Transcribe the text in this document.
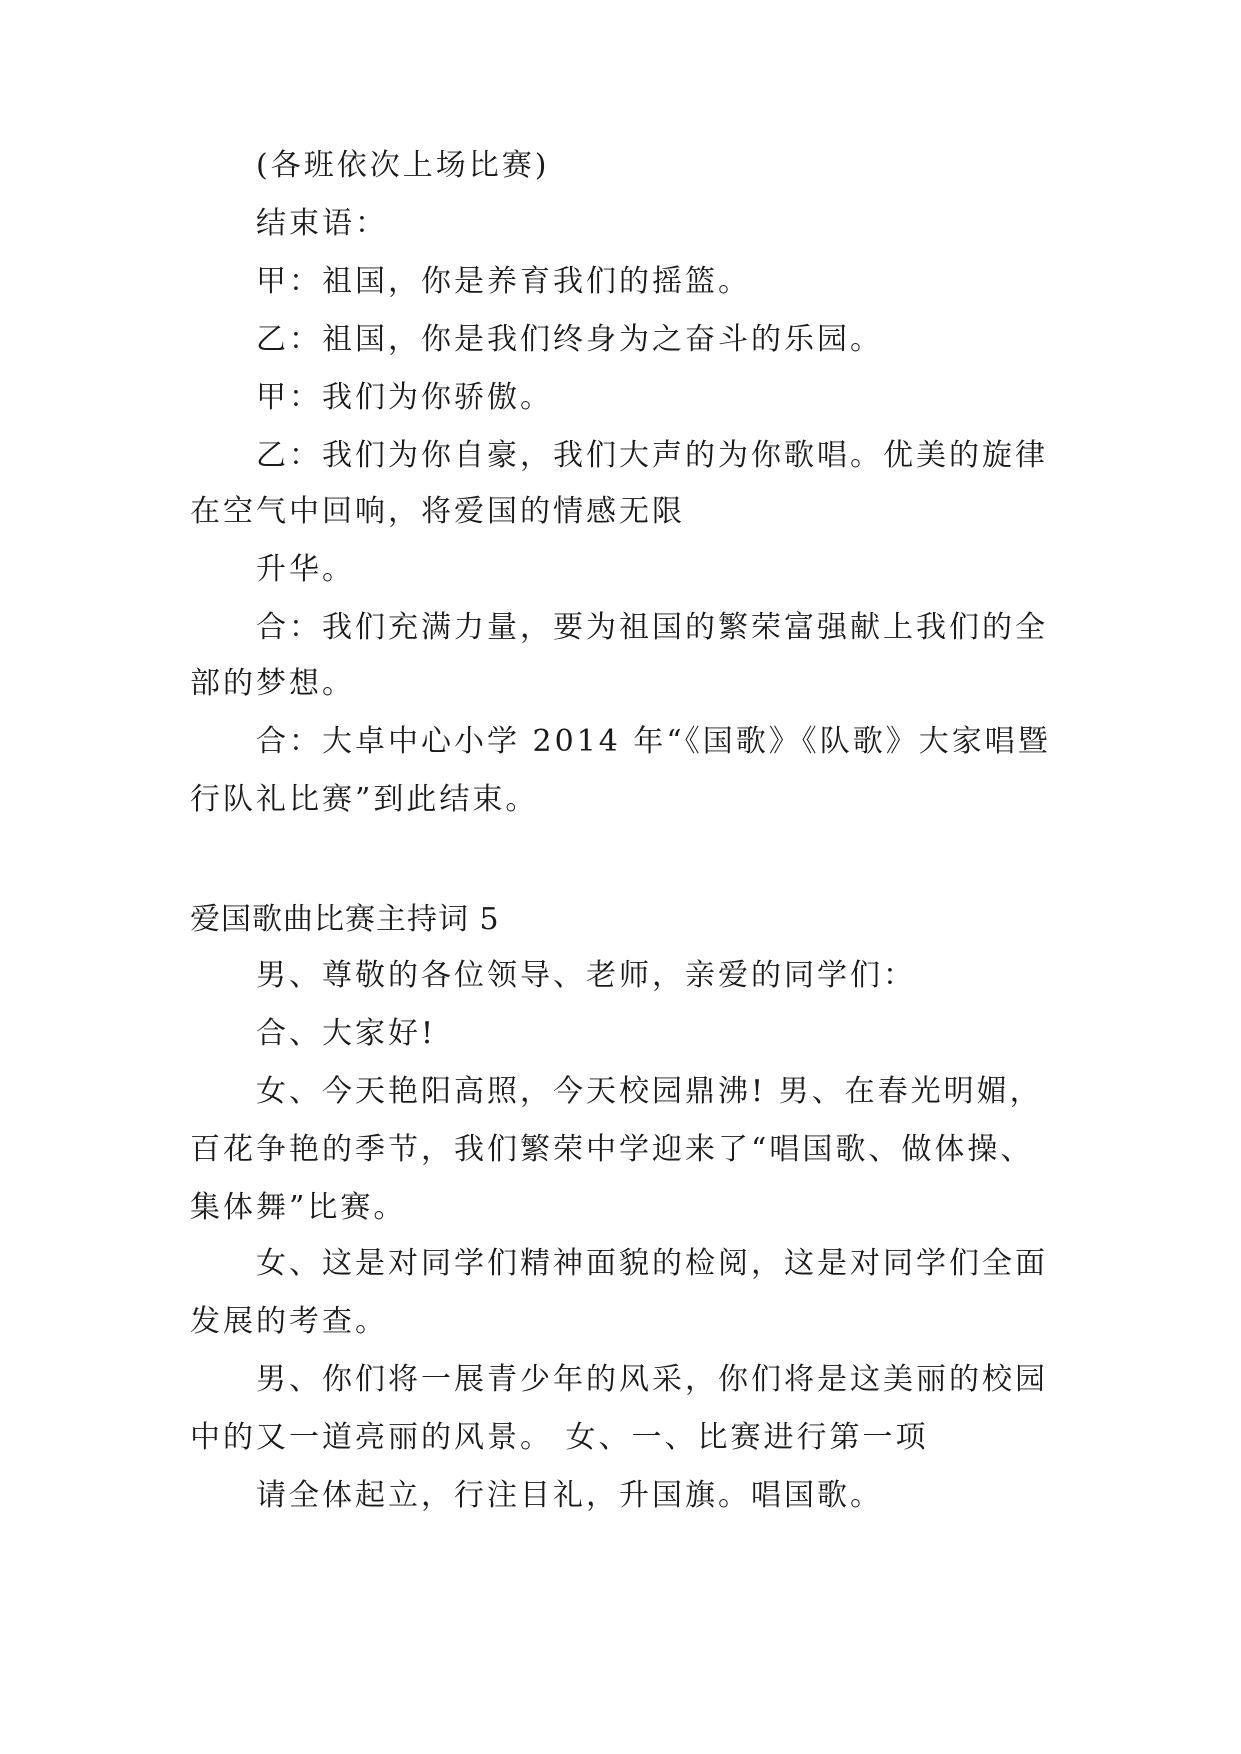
(各班依次上场比赛)
结束语：
甲：祖国，你是养育我们的摇篮。
乙：祖国，你是我们终身为之奋斗的乐园。
甲：我们为你骄傲。
乙：我们为你自豪，我们大声的为你歌唱。优美的旋律
在空气中回响，将爱国的情感无限
升华。
合：我们充满力量，要为祖国的繁荣富强献上我们的全
部的梦想。
合：大卓中心小学 2014 年“《国歌》《队歌》大家唱暨
行队礼比赛”到此结束。
爱国歌曲比赛主持词 5
男、尊敬的各位领导、老师，亲爱的同学们：
合、大家好!
女、今天艳阳高照，今天校园鼎沸! 男、在春光明媚，
百花争艳的季节，我们繁荣中学迎来了“唱国歌、做体操、
集体舞”比赛。
女、这是对同学们精神面貌的检阅，这是对同学们全面
发展的考查。
男、你们将一展青少年的风采，你们将是这美丽的校园
中的又一道亮丽的风景。 女、一、比赛进行第一项
请全体起立，行注目礼，升国旗。唱国歌。
